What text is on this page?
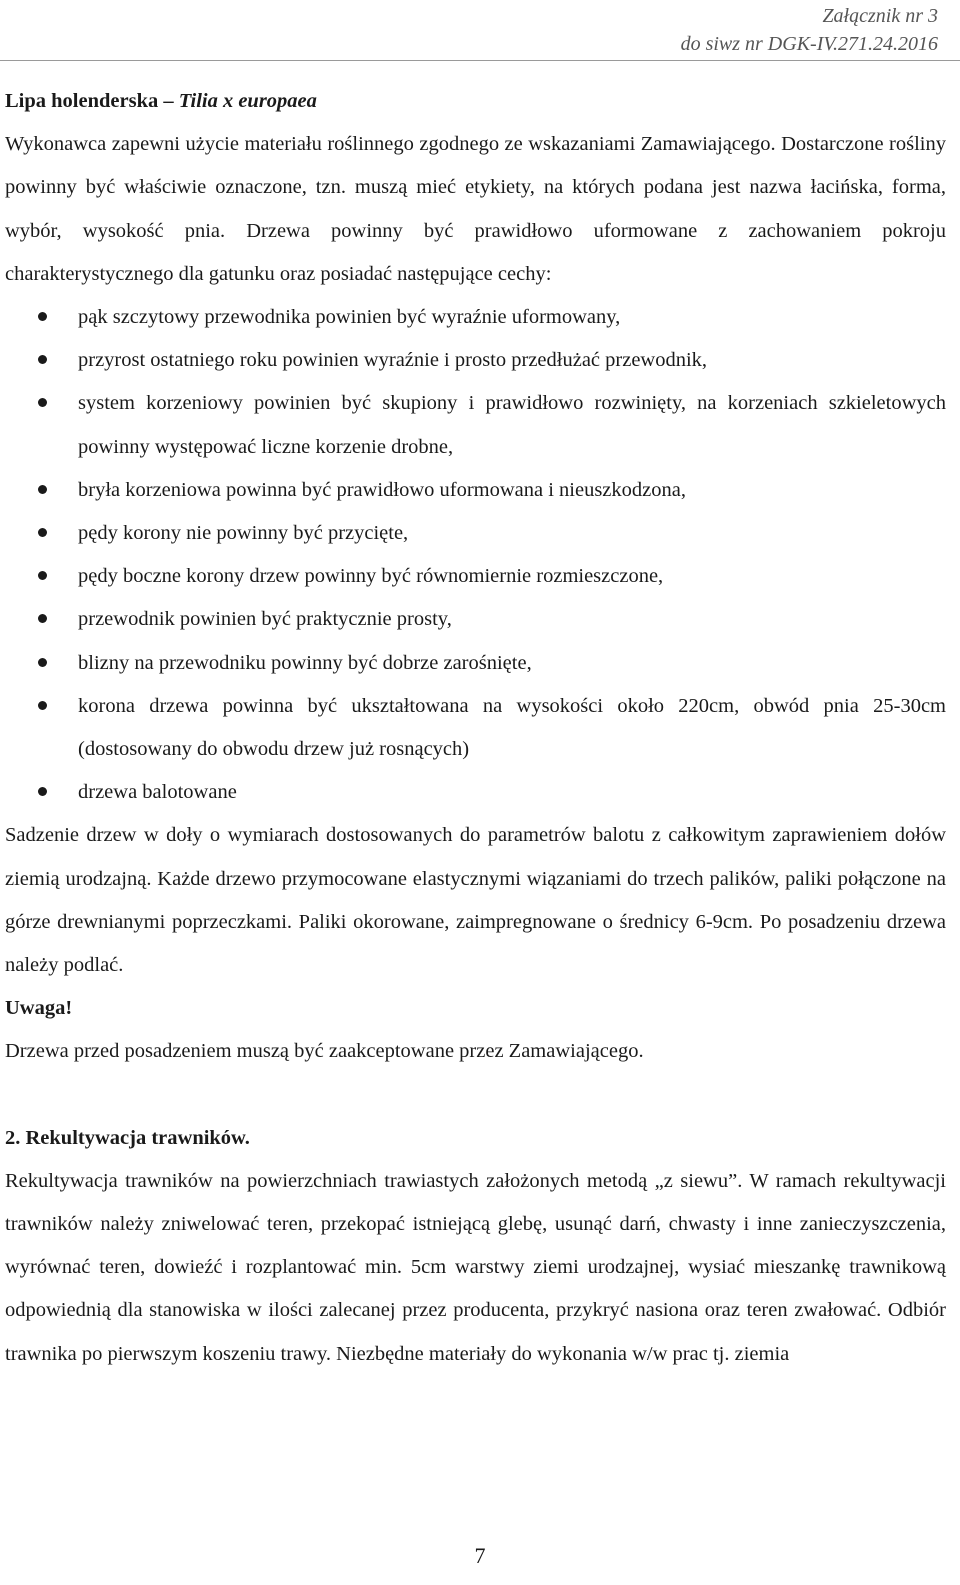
Załącznik nr 3
do siwz nr DGK-IV.271.24.2016

Lipa holenderska – Tilia x europaea

Wykonawca zapewni użycie materiału roślinnego zgodnego ze wskazaniami Zamawiającego. Dostarczone rośliny powinny być właściwie oznaczone, tzn. muszą mieć etykiety, na których podana jest nazwa łacińska, forma, wybór, wysokość pnia. Drzewa powinny być prawidłowo uformowane z zachowaniem pokroju charakterystycznego dla gatunku oraz posiadać następujące cechy:

pąk szczytowy przewodnika powinien być wyraźnie uformowany,
przyrost ostatniego roku powinien wyraźnie i prosto przedłużać przewodnik,
system korzeniowy powinien być skupiony i prawidłowo rozwinięty, na korzeniach szkieletowych powinny występować liczne korzenie drobne,
bryła korzeniowa powinna być prawidłowo uformowana i nieuszkodzona,
pędy korony nie powinny być przycięte,
pędy boczne korony drzew powinny być równomiernie rozmieszczone,
przewodnik powinien być praktycznie prosty,
blizny na przewodniku powinny być dobrze zarośnięte,
korona drzewa powinna być ukształtowana na wysokości około 220cm, obwód pnia 25-30cm (dostosowany do obwodu drzew już rosnących)
drzewa balotowane

Sadzenie drzew w doły o wymiarach dostosowanych do parametrów balotu z całkowitym zaprawieniem dołów ziemią urodzajną. Każde drzewo przymocowane elastycznymi wiązaniami do trzech palików, paliki połączone na górze drewnianymi poprzeczkami. Paliki okorowane, zaimpregnowane o średnicy 6-9cm. Po posadzeniu drzewa należy podlać.

Uwaga!

Drzewa przed posadzeniem muszą być zaakceptowane przez Zamawiającego.

2. Rekultywacja trawników.

Rekultywacja trawników na powierzchniach trawiastych założonych metodą „z siewu”. W ramach rekultywacji trawników należy zniwelować teren, przekopać istniejącą glebę, usunąć darń, chwasty i inne zanieczyszczenia, wyrównać teren, dowieźć i rozplantować min. 5cm warstwy ziemi urodzajnej, wysiać mieszankę trawnikową odpowiednią dla stanowiska w ilości zalecanej przez producenta, przykryć nasiona oraz teren zwałować. Odbiór trawnika po pierwszym koszeniu trawy. Niezbędne materiały do wykonania w/w prac tj. ziemia

7
